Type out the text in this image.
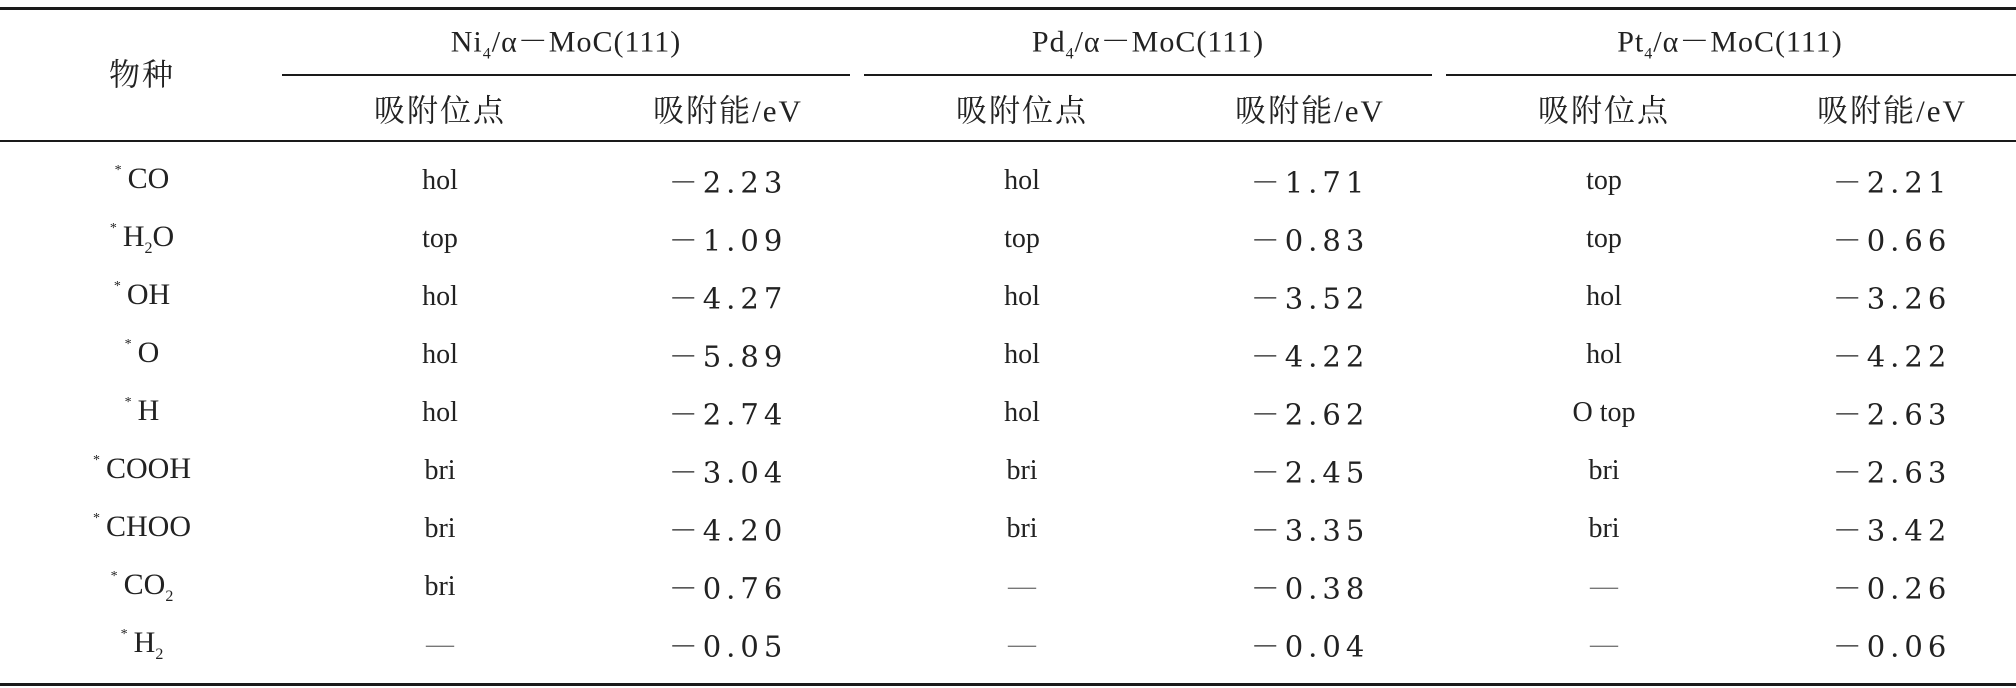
物种
$Ni_4/\alpha-MoC(111)$	$Pd_4/\alpha-MoC(111)$	$Pt_4/\alpha-MoC(111)$
吸附位点	吸附能/eV	吸附位点	吸附能/eV	吸附位点	吸附能/eV
* CO	hol	－2.23	hol	－1.71	top	－2.21
* $H_2O$	top	－1.09	top	－0.83	top	－0.66
* OH	hol	－4.27	hol	－3.52	hol	－3.26
* O	hol	－5.89	hol	－4.22	hol	－4.22
* H	hol	－2.74	hol	－2.62	O top	－2.63
* COOH	bri	－3.04	bri	－2.45	bri	－2.63
* CHOO	bri	－4.20	bri	－3.35	bri	－3.42
* $CO_2$	bri	－0.76	—	－0.38	—	－0.26
* $H_2$	—	－0.05	—	－0.04	—	－0.06
